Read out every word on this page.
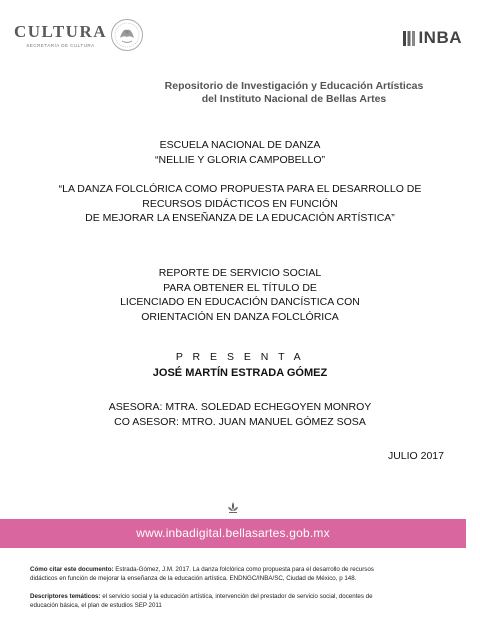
CULTURA
SECRETARÍA DE CULTURA	INBA
Repositorio de Investigación y Educación Artísticas
del Instituto Nacional de Bellas Artes
ESCUELA NACIONAL DE DANZA
“NELLIE Y GLORIA CAMPOBELLO”
“LA DANZA FOLCLÓRICA COMO PROPUESTA PARA EL DESARROLLO DE
RECURSOS DIDÁCTICOS EN FUNCIÓN
DE MEJORAR LA ENSEÑANZA DE LA EDUCACIÓN ARTÍSTICA”
REPORTE DE SERVICIO SOCIAL
PARA OBTENER EL TÍTULO DE
LICENCIADO EN EDUCACIÓN DANCÍSTICA CON
ORIENTACIÓN EN DANZA FOLCLÓRICA
P R E S E N T A
JOSÉ MARTÍN ESTRADA GÓMEZ
ASESORA: MTRA. SOLEDAD ECHEGOYEN MONROY
CO ASESOR: MTRO. JUAN MANUEL GÓMEZ SOSA
JULIO 2017
www.inbadigital.bellasartes.gob.mx
Cómo citar este documento: Estrada-Gómez, J.M. 2017. La danza folclórica como propuesta para el desarrollo de recursos
didácticos en función de mejorar la enseñanza de la educación artística. ENDNGC/INBA/SC, Ciudad de México, p 148.
Descriptores temáticos: el servicio social y la educación artística, intervención del prestador de servicio social, docentes de
educación básica, el plan de estudios SEP 2011
